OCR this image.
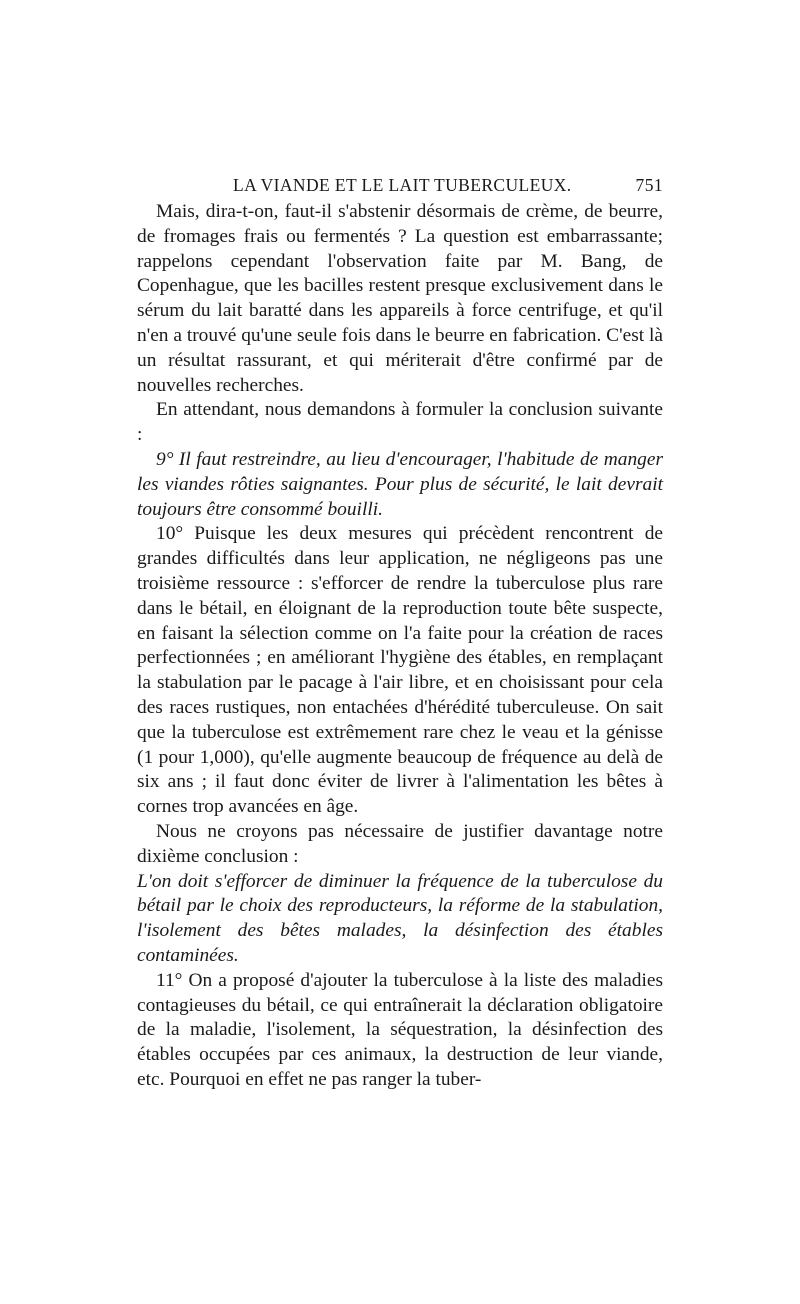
LA VIANDE ET LE LAIT TUBERCULEUX.	751

Mais, dira-t-on, faut-il s'abstenir désormais de crème, de beurre, de fromages frais ou fermentés ? La question est embarrassante; rappelons cependant l'observation faite par M. Bang, de Copenhague, que les bacilles restent presque exclusivement dans le sérum du lait baratté dans les appareils à force centrifuge, et qu'il n'en a trouvé qu'une seule fois dans le beurre en fabrication. C'est là un résultat rassurant, et qui mériterait d'être confirmé par de nouvelles recherches.

En attendant, nous demandons à formuler la conclusion suivante :

9° Il faut restreindre, au lieu d'encourager, l'habitude de manger les viandes rôties saignantes. Pour plus de sécurité, le lait devrait toujours être consommé bouilli.

10° Puisque les deux mesures qui précèdent rencontrent de grandes difficultés dans leur application, ne négligeons pas une troisième ressource : s'efforcer de rendre la tuberculose plus rare dans le bétail, en éloignant de la reproduction toute bête suspecte, en faisant la sélection comme on l'a faite pour la création de races perfectionnées ; en améliorant l'hygiène des étables, en remplaçant la stabulation par le pacage à l'air libre, et en choisissant pour cela des races rustiques, non entachées d'hérédité tuberculeuse. On sait que la tuberculose est extrêmement rare chez le veau et la génisse (1 pour 1,000), qu'elle augmente beaucoup de fréquence au delà de six ans ; il faut donc éviter de livrer à l'alimentation les bêtes à cornes trop avancées en âge.

Nous ne croyons pas nécessaire de justifier davantage notre dixième conclusion :

L'on doit s'efforcer de diminuer la fréquence de la tuberculose du bétail par le choix des reproducteurs, la réforme de la stabulation, l'isolement des bêtes malades, la désinfection des étables contaminées.

11° On a proposé d'ajouter la tuberculose à la liste des maladies contagieuses du bétail, ce qui entraînerait la déclaration obligatoire de la maladie, l'isolement, la séquestration, la désinfection des étables occupées par ces animaux, la destruction de leur viande, etc. Pourquoi en effet ne pas ranger la tuber-
